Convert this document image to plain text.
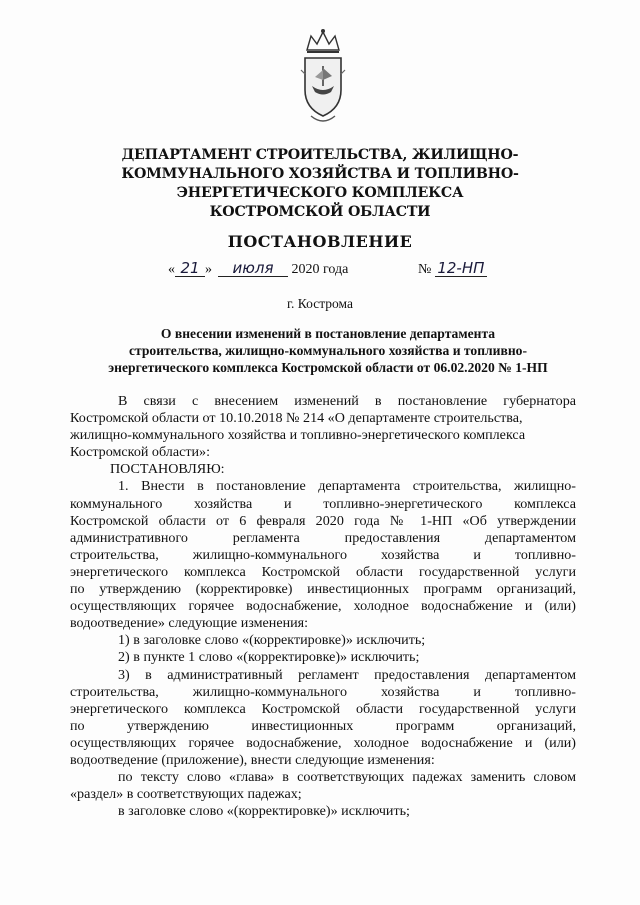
ДЕПАРТАМЕНТ СТРОИТЕЛЬСТВА, ЖИЛИЩНО-
КОММУНАЛЬНОГО ХОЗЯЙСТВА И ТОПЛИВНО-
ЭНЕРГЕТИЧЕСКОГО КОМПЛЕКСА
КОСТРОМСКОЙ ОБЛАСТИ
ПОСТАНОВЛЕНИЕ
« 21 » июля 2020 года	№ 12-НП
г. Кострома
О внесении изменений в постановление департамента
строительства, жилищно-коммунального хозяйства и топливно-
энергетического комплекса Костромской области от 06.02.2020 № 1-НП
В связи с внесением изменений в постановление губернатора
Костромской области от 10.10.2018 № 214 «О департаменте строительства,
жилищно-коммунального хозяйства и топливно-энергетического комплекса
Костромской области»:
ПОСТАНОВЛЯЮ:
1. Внести в постановление департамента строительства, жилищно-
коммунального хозяйства и топливно-энергетического комплекса
Костромской области от 6 февраля 2020 года № 1-НП «Об утверждении
административного регламента предоставления департаментом
строительства, жилищно-коммунального хозяйства и топливно-
энергетического комплекса Костромской области государственной услуги
по утверждению (корректировке) инвестиционных программ организаций,
осуществляющих горячее водоснабжение, холодное водоснабжение и (или)
водоотведение» следующие изменения:
1) в заголовке слово «(корректировке)» исключить;
2) в пункте 1 слово «(корректировке)» исключить;
3) в административный регламент предоставления департаментом
строительства, жилищно-коммунального хозяйства и топливно-
энергетического комплекса Костромской области государственной услуги
по утверждению инвестиционных программ организаций,
осуществляющих горячее водоснабжение, холодное водоснабжение и (или)
водоотведение (приложение), внести следующие изменения:
по тексту слово «глава» в соответствующих падежах заменить словом
«раздел» в соответствующих падежах;
в заголовке слово «(корректировке)» исключить;
